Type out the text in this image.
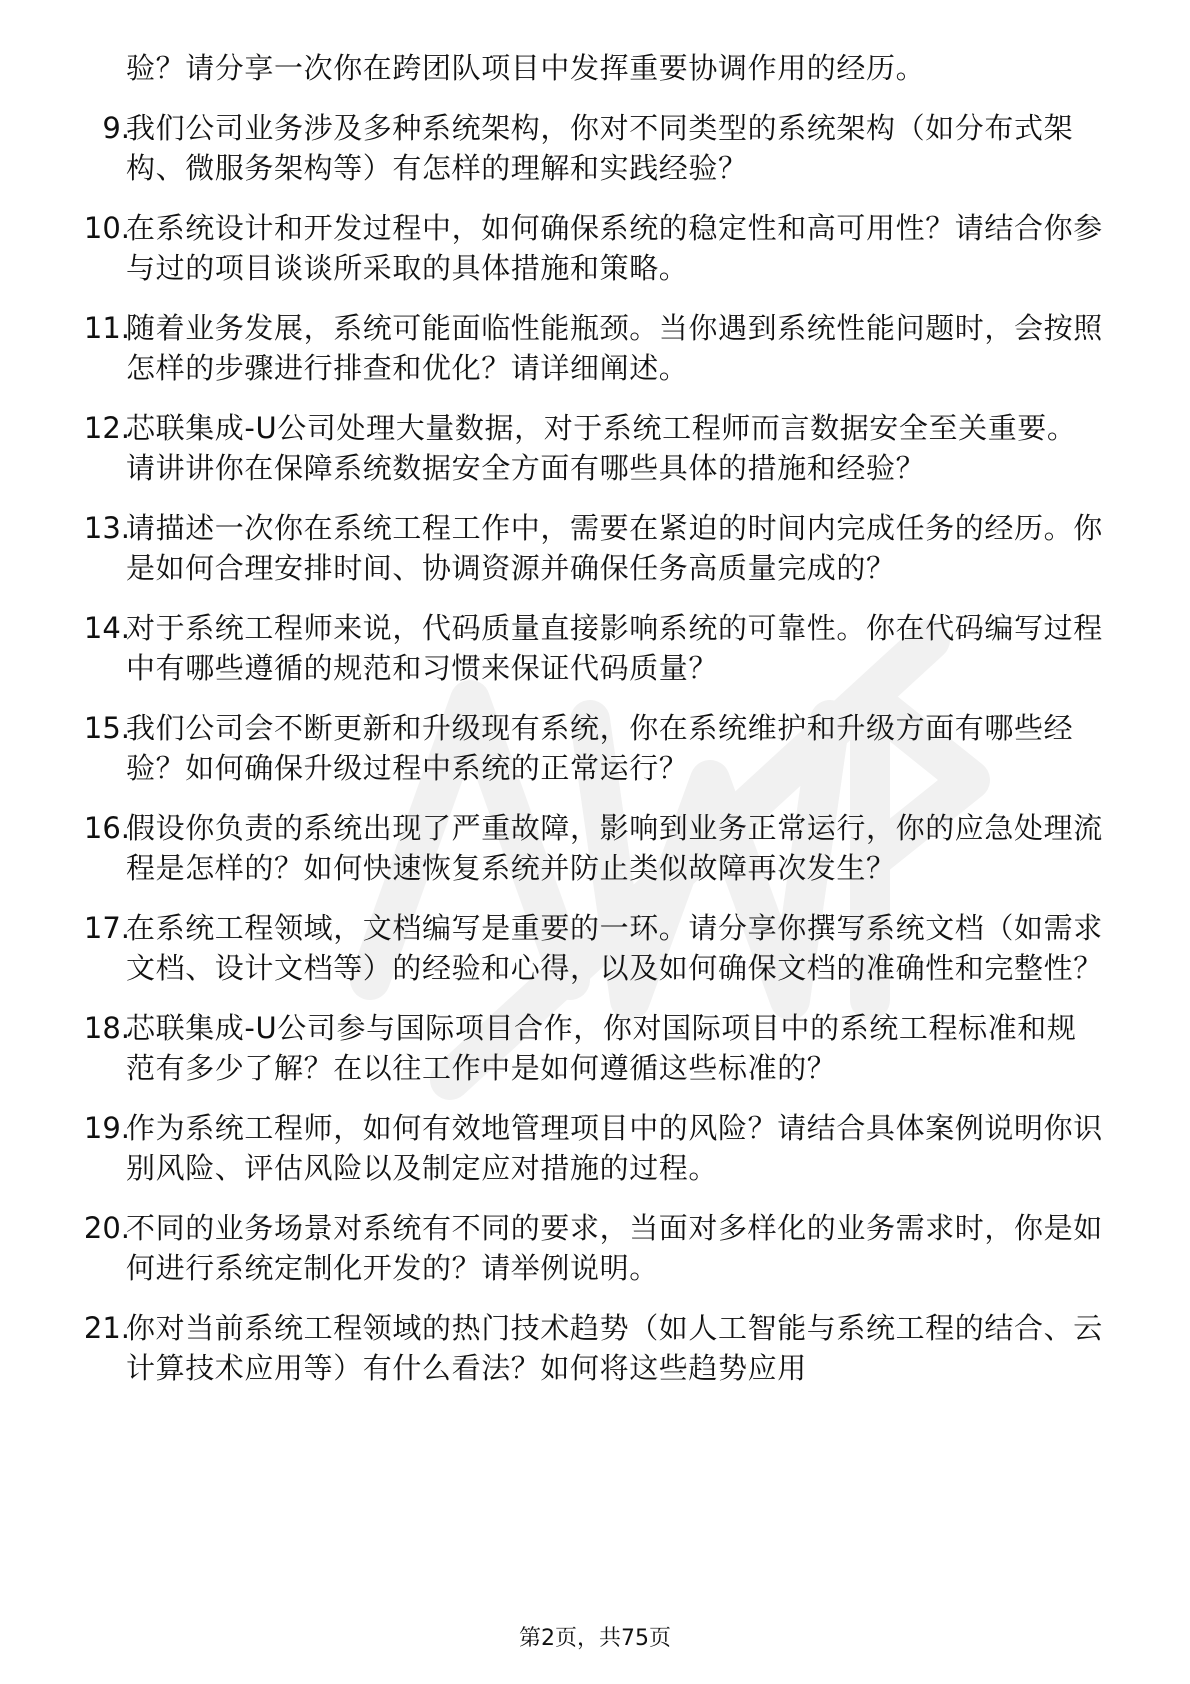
验？请分享一次你在跨团队项目中发挥重要协调作用的经历。
9.
我们公司业务涉及多种系统架构，你对不同类型的系统架构（如分布式架构、微服务架构等）有怎样的理解和实践经验？
10.
在系统设计和开发过程中，如何确保系统的稳定性和高可用性？请结合你参与过的项目谈谈所采取的具体措施和策略。
11.
随着业务发展，系统可能面临性能瓶颈。当你遇到系统性能问题时，会按照怎样的步骤进行排查和优化？请详细阐述。
12.
芯联集成-U公司处理大量数据，对于系统工程师而言数据安全至关重要。请讲讲你在保障系统数据安全方面有哪些具体的措施和经验？
13.
请描述一次你在系统工程工作中，需要在紧迫的时间内完成任务的经历。你是如何合理安排时间、协调资源并确保任务高质量完成的？
14.
对于系统工程师来说，代码质量直接影响系统的可靠性。你在代码编写过程中有哪些遵循的规范和习惯来保证代码质量？
15.
我们公司会不断更新和升级现有系统，你在系统维护和升级方面有哪些经验？如何确保升级过程中系统的正常运行？
16.
假设你负责的系统出现了严重故障，影响到业务正常运行，你的应急处理流程是怎样的？如何快速恢复系统并防止类似故障再次发生？
17.
在系统工程领域，文档编写是重要的一环。请分享你撰写系统文档（如需求文档、设计文档等）的经验和心得，以及如何确保文档的准确性和完整性？
18.
芯联集成-U公司参与国际项目合作，你对国际项目中的系统工程标准和规范有多少了解？在以往工作中是如何遵循这些标准的？
19.
作为系统工程师，如何有效地管理项目中的风险？请结合具体案例说明你识别风险、评估风险以及制定应对措施的过程。
20.
不同的业务场景对系统有不同的要求，当面对多样化的业务需求时，你是如何进行系统定制化开发的？请举例说明。
21.
你对当前系统工程领域的热门技术趋势（如人工智能与系统工程的结合、云计算技术应用等）有什么看法？如何将这些趋势应用
第2页，共75页
